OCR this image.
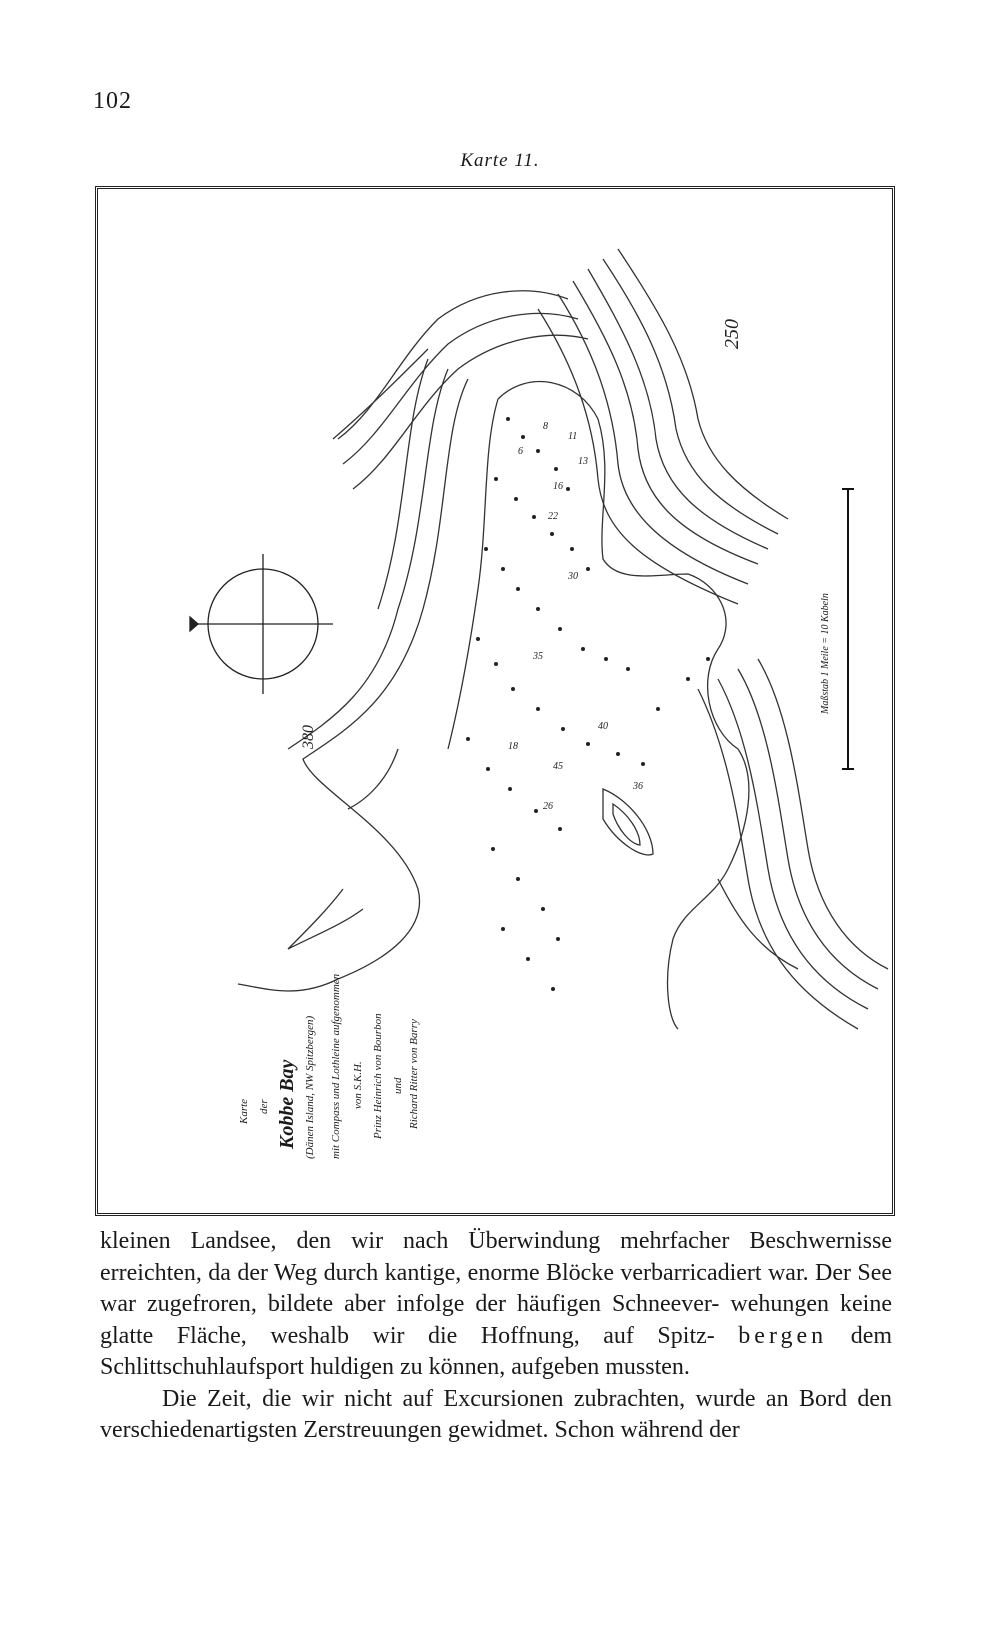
102
Karte 11.
6
8
11
13
16
22
30
35
40
45
36
26
18
250
380
Karte der Kobbe Bay (Dänen Island, NW Spitzbergen) mit Compass und Lothleine aufgenommen von S.K.H. Prinz Heinrich von Bourbon und Richard Ritter von Barry
Maßstab 1 Meile = 10 Kabeln

kleinen Landsee, den wir nach Überwindung mehrfacher Beschwernisse erreichten, da der Weg durch kantige, enorme Blöcke verbarricadiert war. Der See war zugefroren, bildete aber infolge der häufigen Schneever- wehungen keine glatte Fläche, weshalb wir die Hoffnung, auf Spitz- bergen dem Schlittschuhlaufsport huldigen zu können, aufgeben mussten.

Die Zeit, die wir nicht auf Excursionen zubrachten, wurde an Bord den verschiedenartigsten Zerstreuungen gewidmet. Schon während der
